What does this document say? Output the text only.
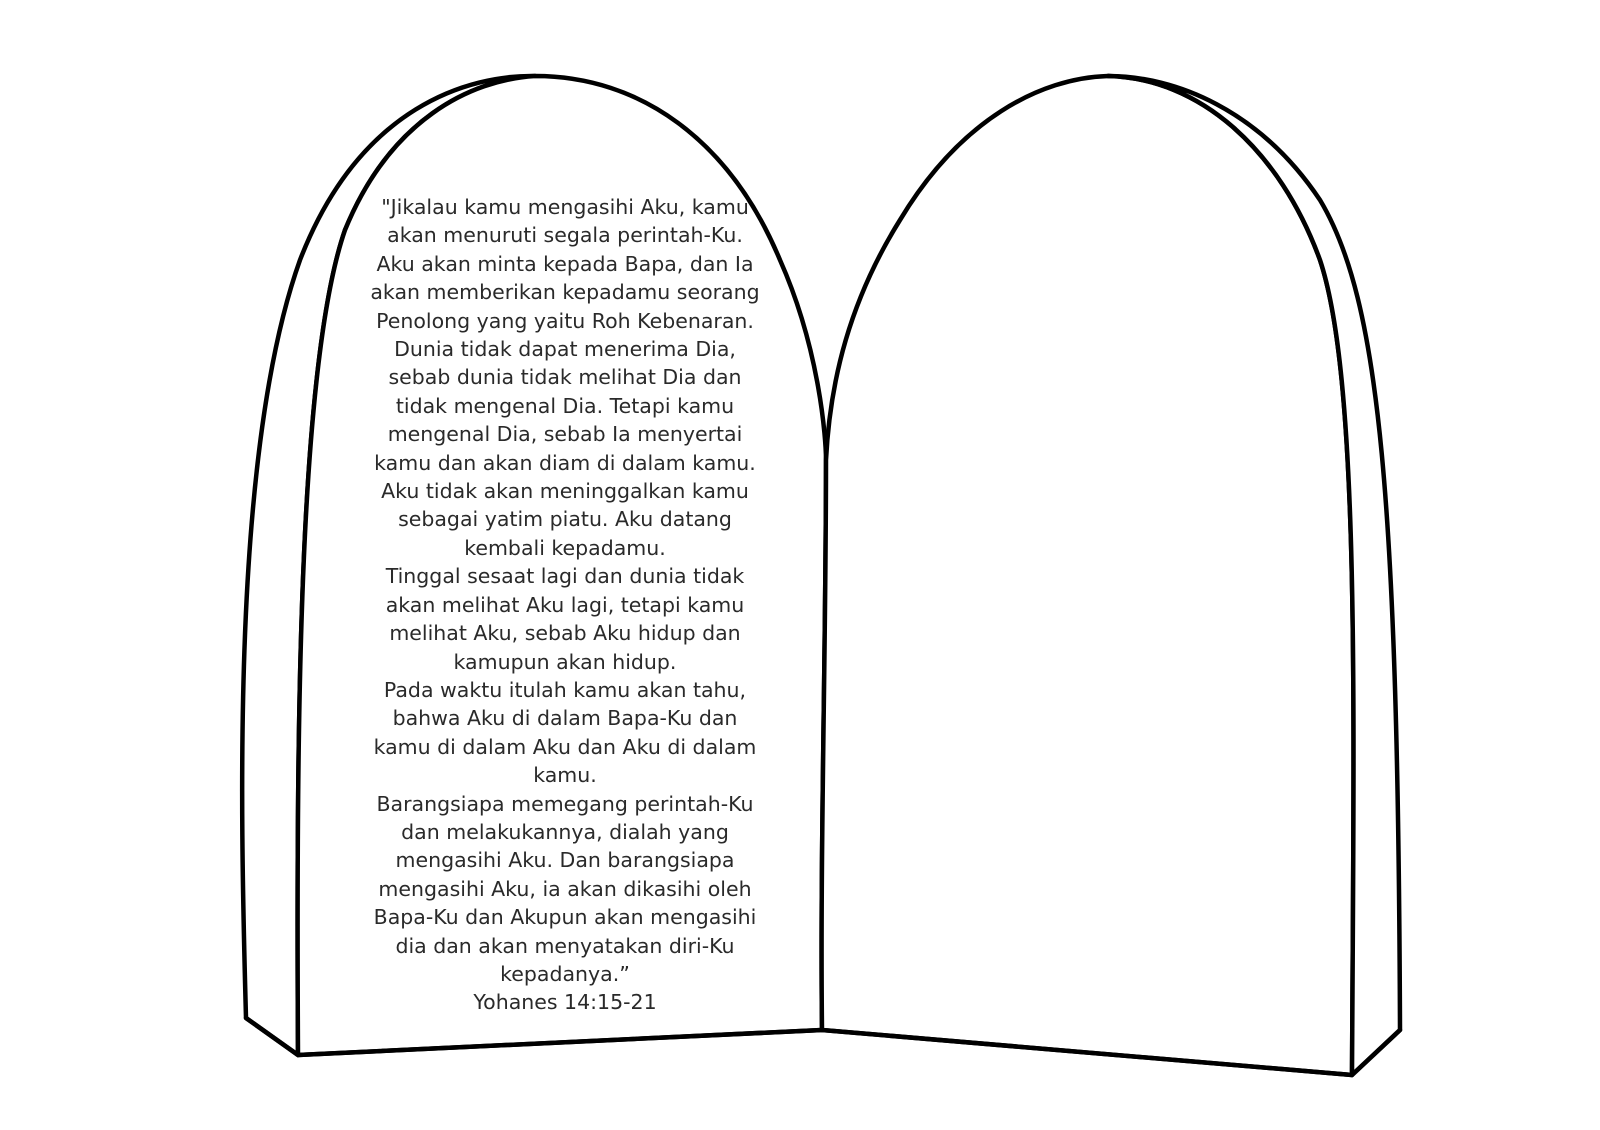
"Jikalau kamu mengasihi Aku, kamu
akan menuruti segala perintah-Ku.
Aku akan minta kepada Bapa, dan Ia
akan memberikan kepadamu seorang
Penolong yang yaitu Roh Kebenaran.
Dunia tidak dapat menerima Dia,
sebab dunia tidak melihat Dia dan
tidak mengenal Dia. Tetapi kamu
mengenal Dia, sebab Ia menyertai
kamu dan akan diam di dalam kamu.
Aku tidak akan meninggalkan kamu
sebagai yatim piatu. Aku datang
kembali kepadamu.
Tinggal sesaat lagi dan dunia tidak
akan melihat Aku lagi, tetapi kamu
melihat Aku, sebab Aku hidup dan
kamupun akan hidup.
Pada waktu itulah kamu akan tahu,
bahwa Aku di dalam Bapa-Ku dan
kamu di dalam Aku dan Aku di dalam
kamu.
Barangsiapa memegang perintah-Ku
dan melakukannya, dialah yang
mengasihi Aku. Dan barangsiapa
mengasihi Aku, ia akan dikasihi oleh
Bapa-Ku dan Akupun akan mengasihi
dia dan akan menyatakan diri-Ku
kepadanya.”
Yohanes 14:15-21
